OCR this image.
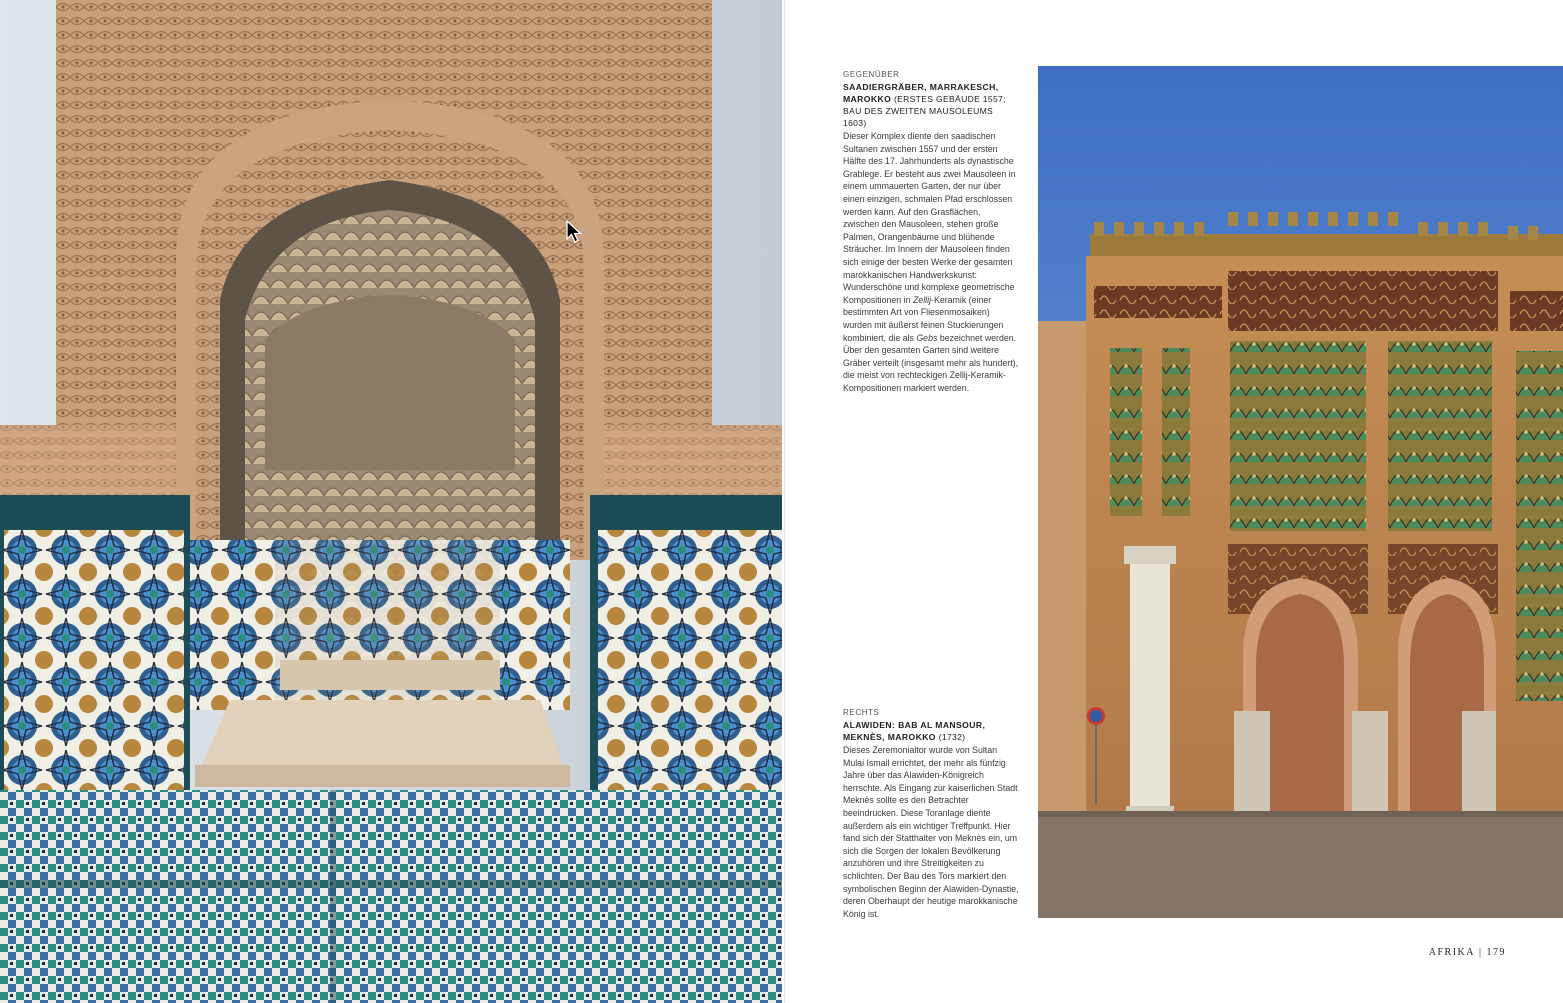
GEGENÜBER
SAADIERGRÄBER, MARRAKESCH, MAROKKO (ERSTES GEBÄUDE 1557; BAU DES ZWEITEN MAUSOLEUMS 1603)
Dieser Komplex diente den saadischen Sultanen zwischen 1557 und der ersten Hälfte des 17. Jahrhunderts als dynastische Grablege. Er besteht aus zwei Mausoleen in einem ummauerten Garten, der nur über einen einzigen, schmalen Pfad erschlossen werden kann. Auf den Grasflächen, zwischen den Mausoleen, stehen große Palmen, Orangenbäume und blühende Sträucher. Im Innern der Mausoleen finden sich einige der besten Werke der gesamten marokkanischen Handwerkskunst: Wunderschöne und komplexe geometrische Kompositionen in Zellij-Keramik (einer bestimmten Art von Fliesenmosaiken) wurden mit äußerst feinen Stuckierungen kombiniert, die als Gebs bezeichnet werden. Über den gesamten Garten sind weitere Gräber verteilt (insgesamt mehr als hundert), die meist von rechteckigen Zellij-Keramik-Kompositionen markiert werden.
RECHTS
ALAWIDEN: BAB AL MANSOUR, MEKNÈS, MAROKKO (1732)
Dieses Zeremonialtor wurde von Sultan Mulai Ismail errichtet, der mehr als fünfzig Jahre über das Alawiden-Königreich herrschte. Als Eingang zur kaiserlichen Stadt Meknès sollte es den Betrachter beeindrucken. Diese Toranlage diente außerdem als ein wichtiger Treffpunkt. Hier fand sich der Statthalter von Meknès ein, um sich die Sorgen der lokalen Bevölkerung anzuhören und ihre Streitigkeiten zu schlichten. Der Bau des Tors markiert den symbolischen Beginn der Alawiden-Dynastie, deren Oberhaupt der heutige marokkanische König ist.
AFRIKA | 179
